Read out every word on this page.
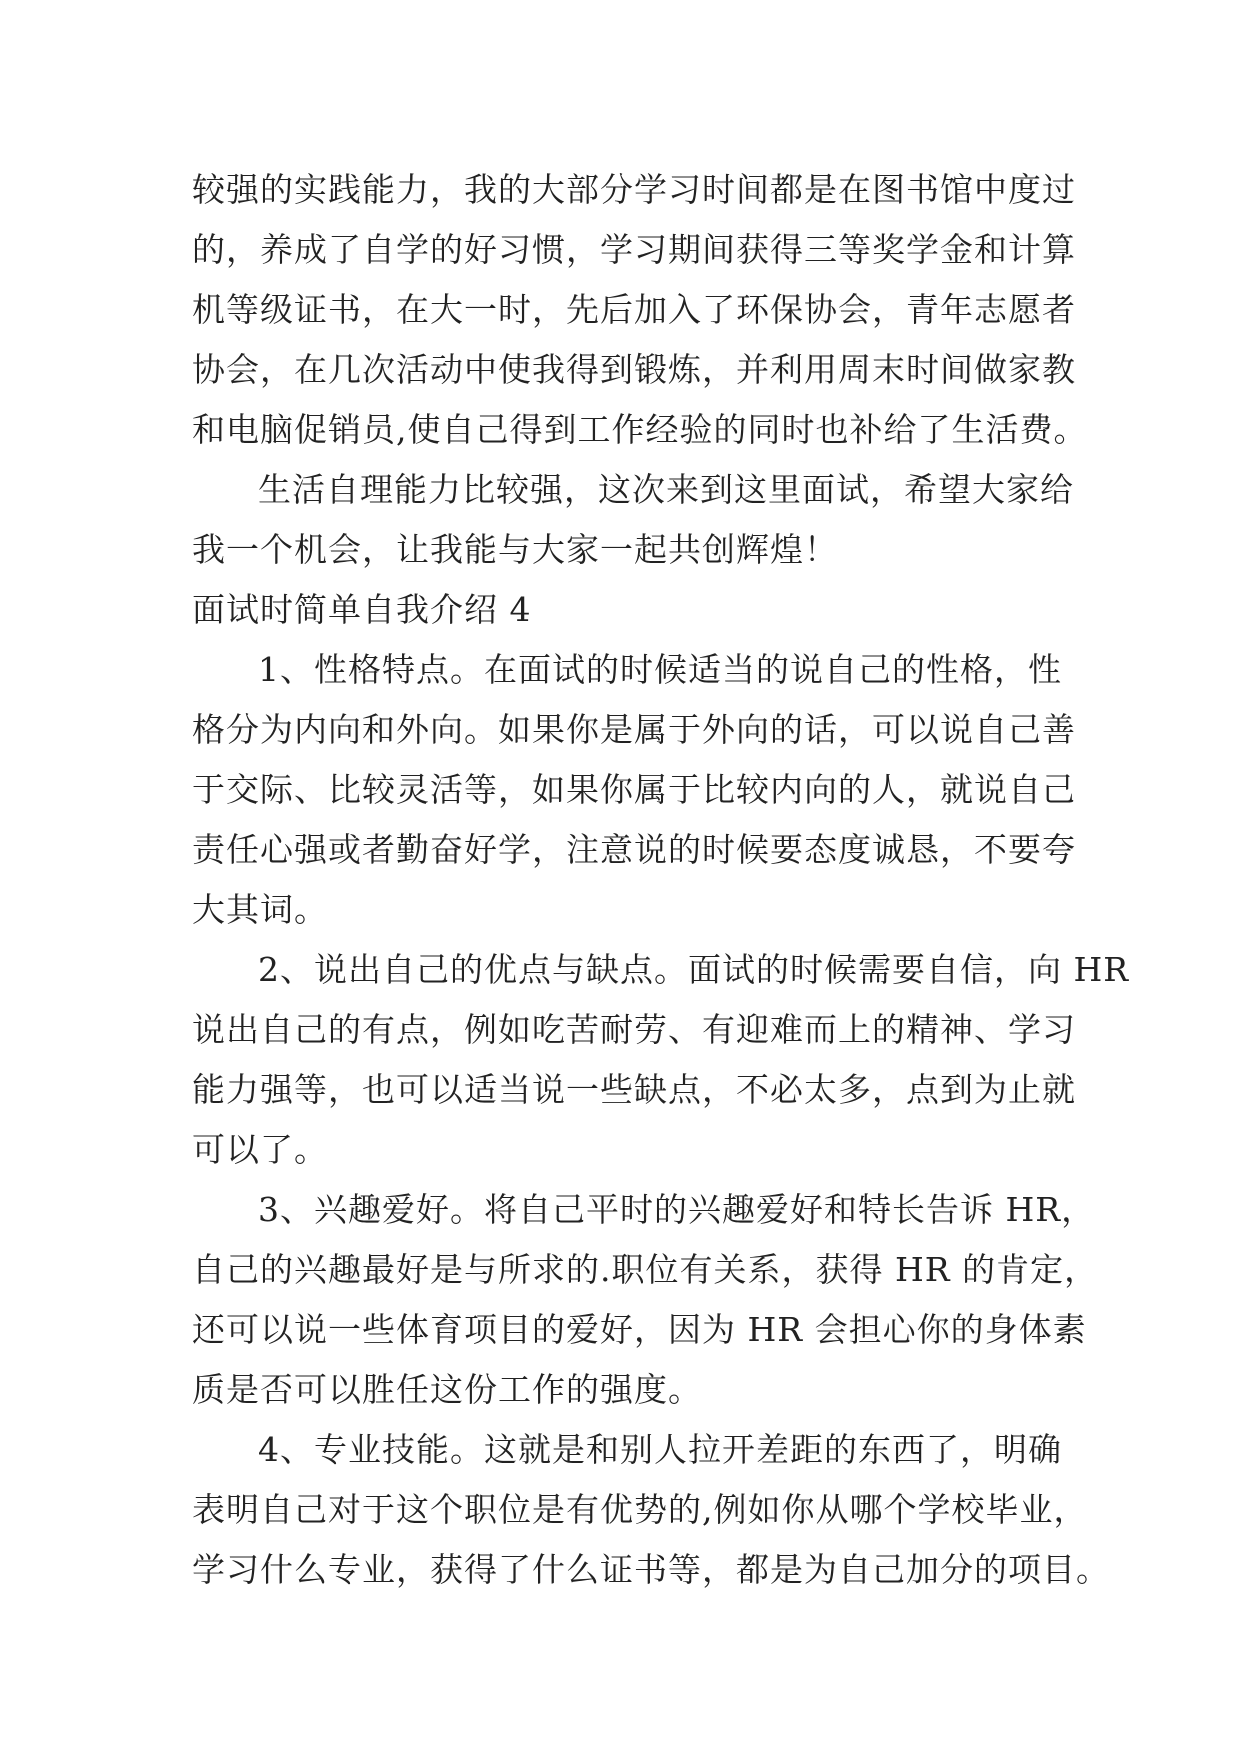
较强的实践能力，我的大部分学习时间都是在图书馆中度过
的，养成了自学的好习惯，学习期间获得三等奖学金和计算
机等级证书，在大一时，先后加入了环保协会，青年志愿者
协会，在几次活动中使我得到锻炼，并利用周末时间做家教
和电脑促销员,使自己得到工作经验的同时也补给了生活费。
生活自理能力比较强，这次来到这里面试，希望大家给
我一个机会，让我能与大家一起共创辉煌！
面试时简单自我介绍 4
1、性格特点。在面试的时候适当的说自己的性格，性
格分为内向和外向。如果你是属于外向的话，可以说自己善
于交际、比较灵活等，如果你属于比较内向的人，就说自己
责任心强或者勤奋好学，注意说的时候要态度诚恳，不要夸
大其词。
2、说出自己的优点与缺点。面试的时候需要自信，向 HR
说出自己的有点，例如吃苦耐劳、有迎难而上的精神、学习
能力强等，也可以适当说一些缺点，不必太多，点到为止就
可以了。
3、兴趣爱好。将自己平时的兴趣爱好和特长告诉 HR，
自己的兴趣最好是与所求的.职位有关系，获得 HR 的肯定，
还可以说一些体育项目的爱好，因为 HR 会担心你的身体素
质是否可以胜任这份工作的强度。
4、专业技能。这就是和别人拉开差距的东西了，明确
表明自己对于这个职位是有优势的,例如你从哪个学校毕业，
学习什么专业，获得了什么证书等，都是为自己加分的项目。
